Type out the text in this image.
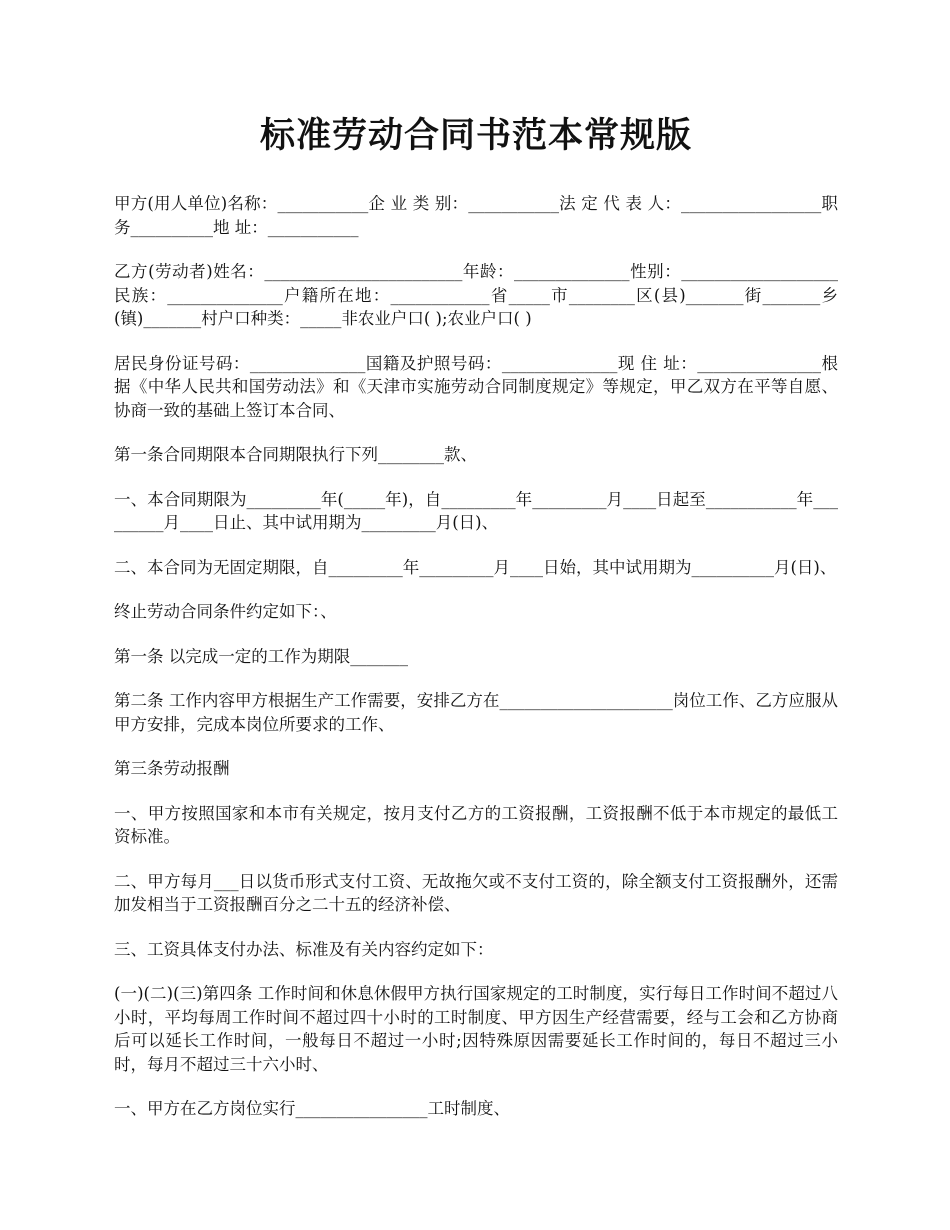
标准劳动合同书范本常规版

甲方(用人单位)名称：___________企 业 类 别：___________法 定 代 表 人：_________________职务__________地 址：___________

乙方(劳动者)姓名：________________________年龄：______________性别：___________________民族：______________户籍所在地：____________省_____市________区(县)_______街_______乡(镇)_______村户口种类：_____非农业户口( );农业户口( )

居民身份证号码：______________国籍及护照号码：______________现 住 址：_______________根据《中华人民共和国劳动法》和《天津市实施劳动合同制度规定》等规定，甲乙双方在平等自愿、协商一致的基础上签订本合同、

第一条合同期限本合同期限执行下列________款、

一、本合同期限为_________年(_____年)，自_________年_________月____日起至___________年_________月____日止、其中试用期为_________月(日)、

二、本合同为无固定期限，自_________年_________月____日始，其中试用期为__________月(日)、

终止劳动合同条件约定如下：、

第一条 以完成一定的工作为期限_______

第二条 工作内容甲方根据生产工作需要，安排乙方在_____________________岗位工作、乙方应服从甲方安排，完成本岗位所要求的工作、

第三条劳动报酬

一、甲方按照国家和本市有关规定，按月支付乙方的工资报酬，工资报酬不低于本市规定的最低工资标准。

二、甲方每月___日以货币形式支付工资、无故拖欠或不支付工资的，除全额支付工资报酬外，还需加发相当于工资报酬百分之二十五的经济补偿、

三、工资具体支付办法、标准及有关内容约定如下：

(一)(二)(三)第四条 工作时间和休息休假甲方执行国家规定的工时制度，实行每日工作时间不超过八小时，平均每周工作时间不超过四十小时的工时制度、甲方因生产经营需要，经与工会和乙方协商后可以延长工作时间，一般每日不超过一小时;因特殊原因需要延长工作时间的，每日不超过三小时，每月不超过三十六小时、

一、甲方在乙方岗位实行________________工时制度、
